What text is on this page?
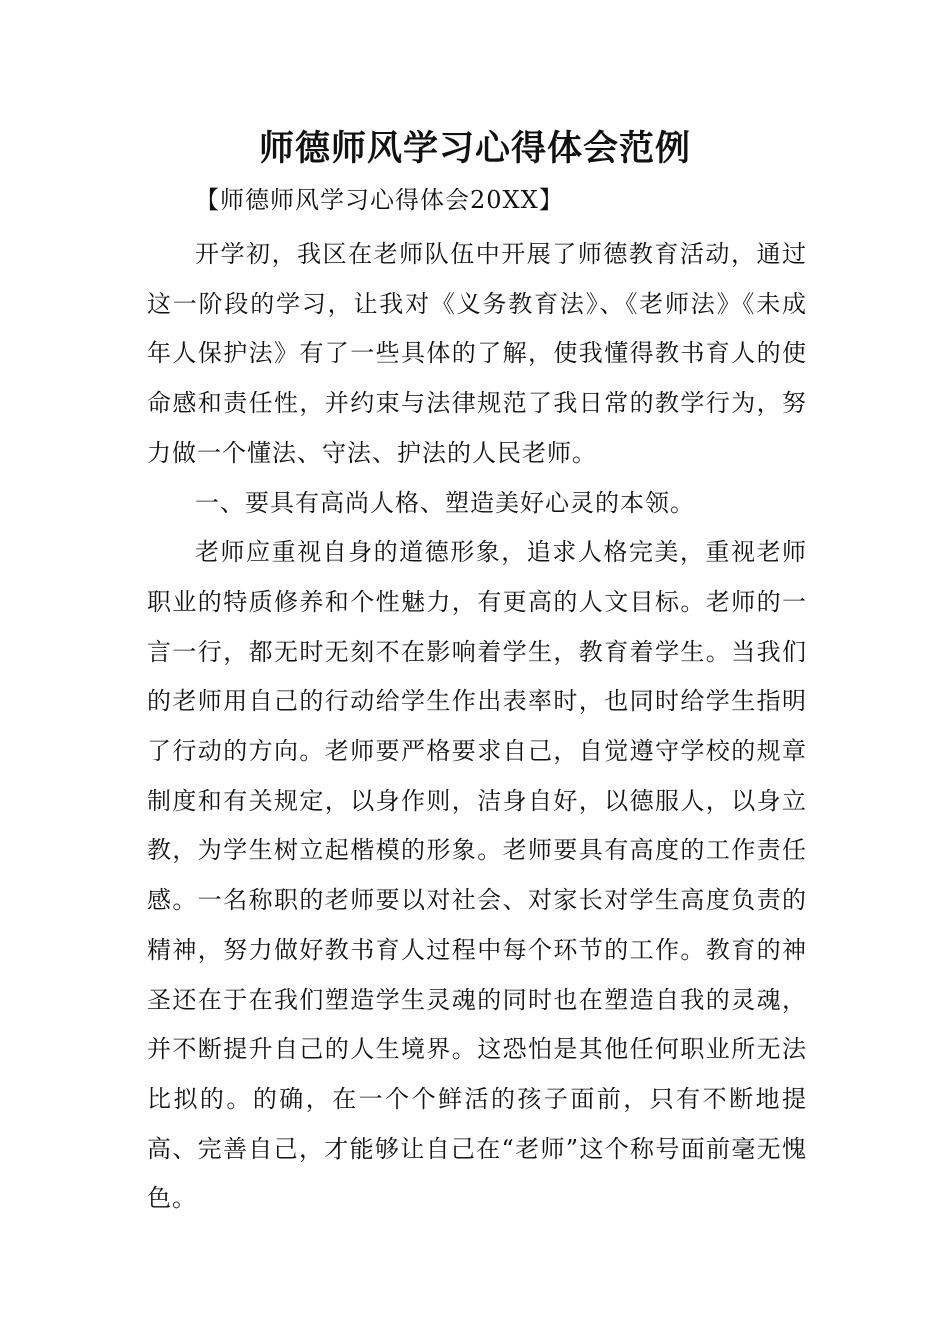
师德师风学习心得体会范例

【师德师风学习心得体会20XX】

开学初，我区在老师队伍中开展了师德教育活动，通过这一阶段的学习，让我对《义务教育法》、《老师法》《未成年人保护法》有了一些具体的了解，使我懂得教书育人的使命感和责任性，并约束与法律规范了我日常的教学行为，努力做一个懂法、守法、护法的人民老师。

一、要具有高尚人格、塑造美好心灵的本领。

老师应重视自身的道德形象，追求人格完美，重视老师职业的特质修养和个性魅力，有更高的人文目标。老师的一言一行，都无时无刻不在影响着学生，教育着学生。当我们的老师用自己的行动给学生作出表率时，也同时给学生指明了行动的方向。老师要严格要求自己，自觉遵守学校的规章制度和有关规定，以身作则，洁身自好，以德服人，以身立教，为学生树立起楷模的形象。老师要具有高度的工作责任感。一名称职的老师要以对社会、对家长对学生高度负责的精神，努力做好教书育人过程中每个环节的工作。教育的神圣还在于在我们塑造学生灵魂的同时也在塑造自我的灵魂，并不断提升自己的人生境界。这恐怕是其他任何职业所无法比拟的。的确，在一个个鲜活的孩子面前，只有不断地提高、完善自己，才能够让自己在“老师”这个称号面前毫无愧色。
